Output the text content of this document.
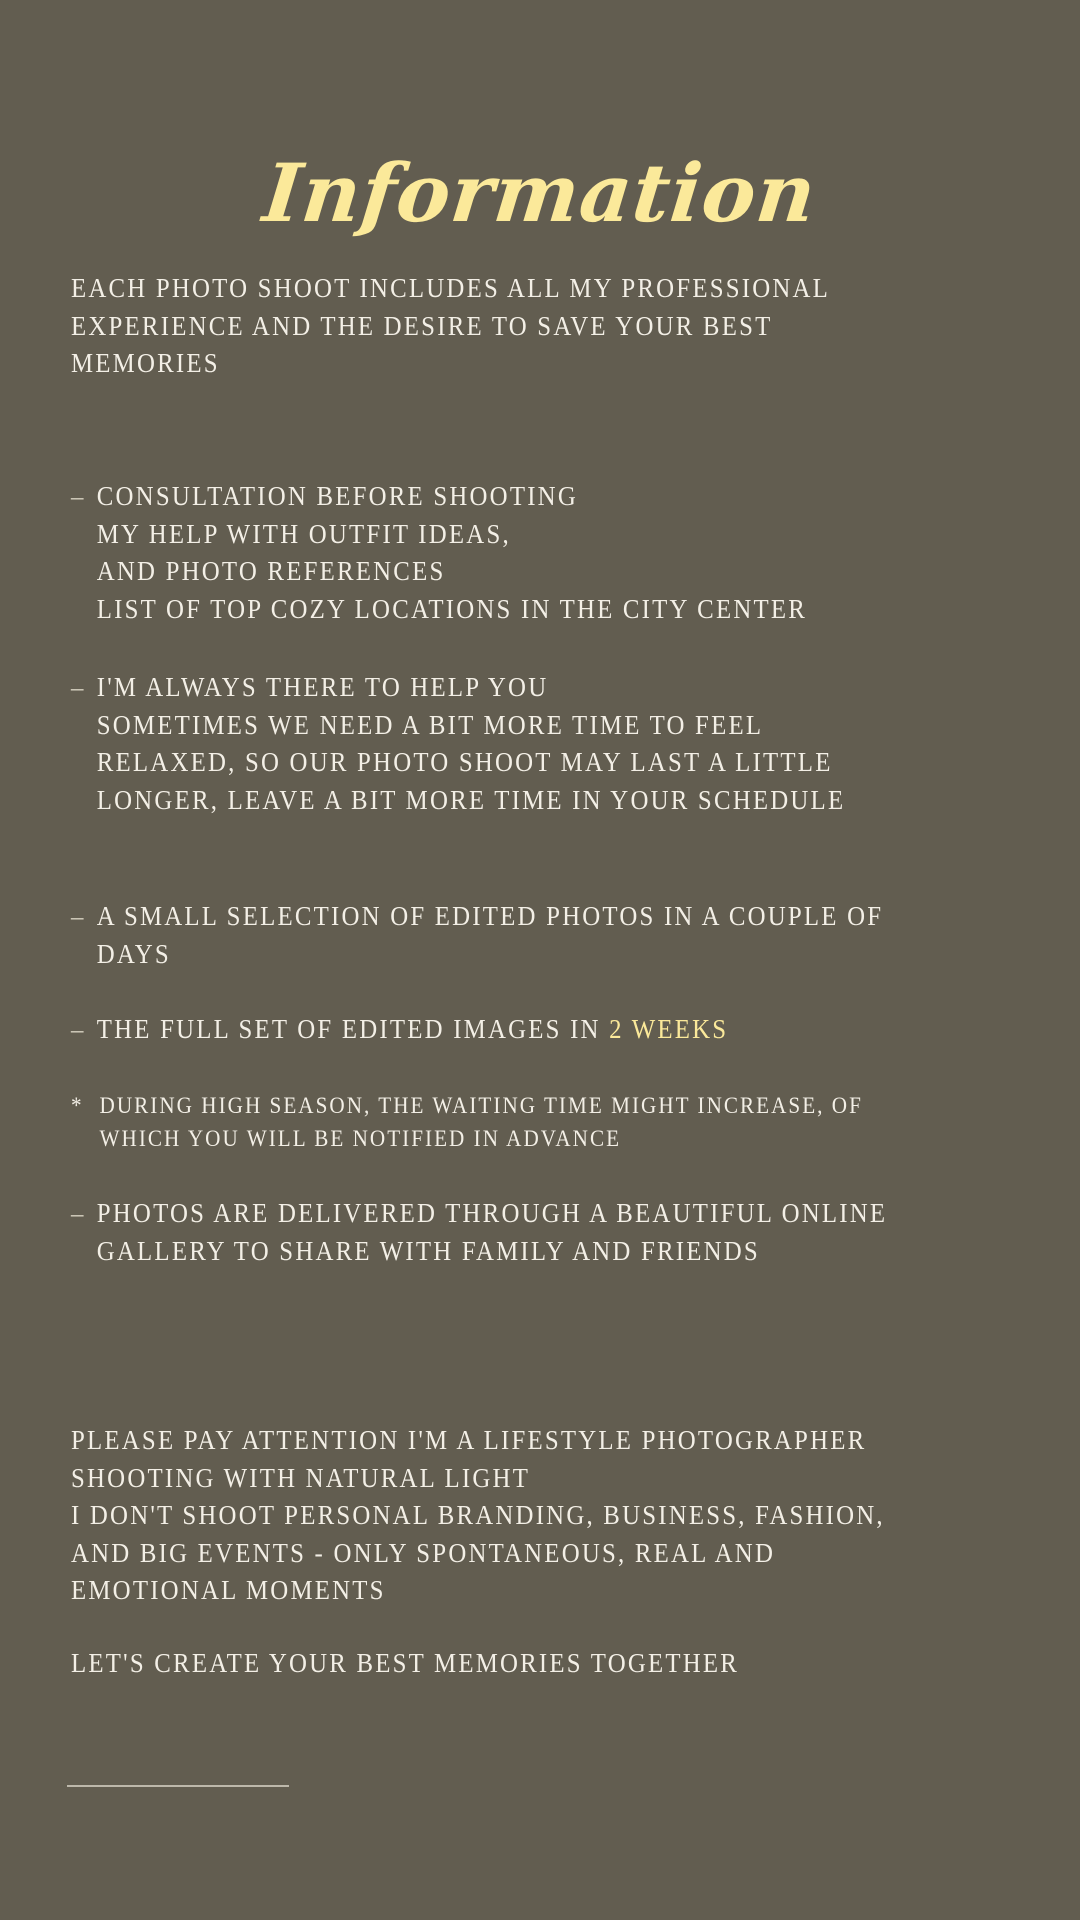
Information
EACH PHOTO SHOOT INCLUDES ALL MY PROFESSIONAL
EXPERIENCE AND THE DESIRE TO SAVE YOUR BEST
MEMORIES
– CONSULTATION BEFORE SHOOTING
MY HELP WITH OUTFIT IDEAS,
AND PHOTO REFERENCES
LIST OF TOP COZY LOCATIONS IN THE CITY CENTER
– I'M ALWAYS THERE TO HELP YOU
SOMETIMES WE NEED A BIT MORE TIME TO FEEL
RELAXED, SO OUR PHOTO SHOOT MAY LAST A LITTLE
LONGER, LEAVE A BIT MORE TIME IN YOUR SCHEDULE
– A SMALL SELECTION OF EDITED PHOTOS IN A COUPLE OF
DAYS
– THE FULL SET OF EDITED IMAGES IN 2 WEEKS
* DURING HIGH SEASON, THE WAITING TIME MIGHT INCREASE, OF
WHICH YOU WILL BE NOTIFIED IN ADVANCE
– PHOTOS ARE DELIVERED THROUGH A BEAUTIFUL ONLINE
GALLERY TO SHARE WITH FAMILY AND FRIENDS
PLEASE PAY ATTENTION I'M A LIFESTYLE PHOTOGRAPHER
SHOOTING WITH NATURAL LIGHT
I DON'T SHOOT PERSONAL BRANDING, BUSINESS, FASHION,
AND BIG EVENTS - ONLY SPONTANEOUS, REAL AND
EMOTIONAL MOMENTS
LET'S CREATE YOUR BEST MEMORIES TOGETHER
